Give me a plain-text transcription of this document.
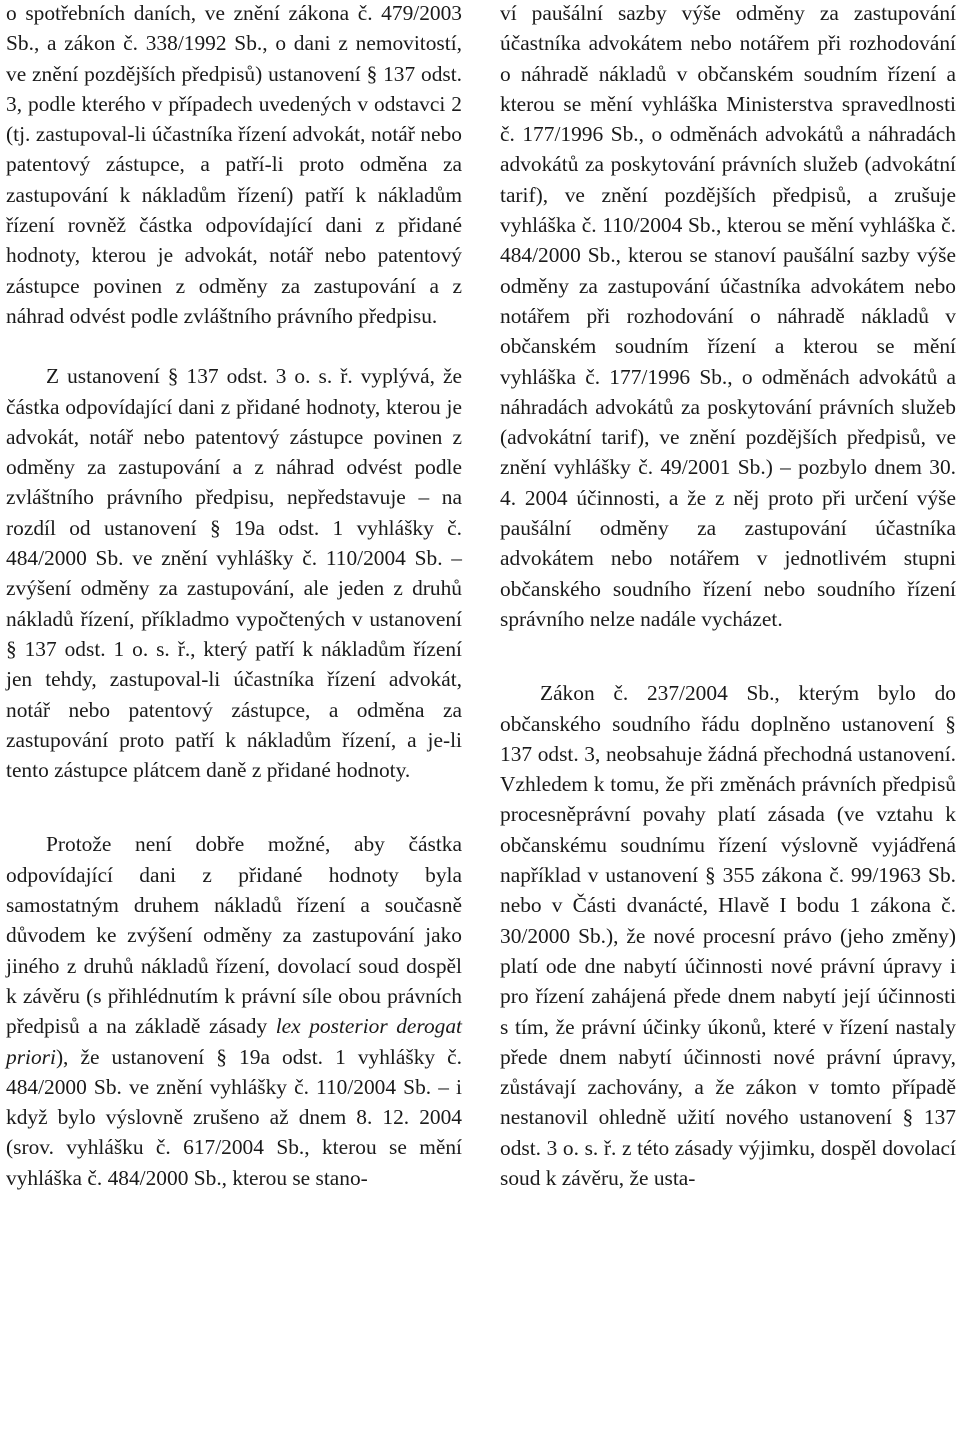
o spotřebních daních, ve znění zákona č. 479/2003 Sb., a zákon č. 338/1992 Sb., o dani z nemovitostí, ve znění pozdějších předpisů) ustanovení § 137 odst. 3, podle kterého v případech uvedených v odstavci 2 (tj. zastupoval-li účastníka řízení advokát, notář nebo patentový zástupce, a patří-li proto odměna za zastupování k nákladům řízení) patří k nákladům řízení rovněž částka odpovídající dani z přidané hodnoty, kterou je advokát, notář nebo patentový zástupce povinen z odměny za zastupování a z náhrad odvést podle zvláštního právního předpisu.

Z ustanovení § 137 odst. 3 o. s. ř. vyplývá, že částka odpovídající dani z přidané hodnoty, kterou je advokát, notář nebo patentový zástupce povinen z odměny za zastupování a z náhrad odvést podle zvláštního právního předpisu, nepředstavuje – na rozdíl od ustanovení § 19a odst. 1 vyhlášky č. 484/2000 Sb. ve znění vyhlášky č. 110/2004 Sb. – zvýšení odměny za zastupování, ale jeden z druhů nákladů řízení, příkladmo vypočtených v ustanovení § 137 odst. 1 o. s. ř., který patří k nákladům řízení jen tehdy, zastupoval-li účastníka řízení advokát, notář nebo patentový zástupce, a odměna za zastupování proto patří k nákladům řízení, a je-li tento zástupce plátcem daně z přidané hodnoty.

Protože není dobře možné, aby částka odpovídající dani z přidané hodnoty byla samostatným druhem nákladů řízení a současně důvodem ke zvýšení odměny za zastupování jako jiného z druhů nákladů řízení, dovolací soud dospěl k závěru (s přihlédnutím k právní síle obou právních předpisů a na základě zásady lex posterior derogat priori), že ustanovení § 19a odst. 1 vyhlášky č. 484/2000 Sb. ve znění vyhlášky č. 110/2004 Sb. – i když bylo výslovně zrušeno až dnem 8. 12. 2004 (srov. vyhlášku č. 617/2004 Sb., kterou se mění vyhláška č. 484/2000 Sb., kterou se stano-

ví paušální sazby výše odměny za zastupování účastníka advokátem nebo notářem při rozhodování o náhradě nákladů v občanském soudním řízení a kterou se mění vyhláška Ministerstva spravedlnosti č. 177/1996 Sb., o odměnách advokátů a náhradách advokátů za poskytování právních služeb (advokátní tarif), ve znění pozdějších předpisů, a zrušuje vyhláška č. 110/2004 Sb., kterou se mění vyhláška č. 484/2000 Sb., kterou se stanoví paušální sazby výše odměny za zastupování účastníka advokátem nebo notářem při rozhodování o náhradě nákladů v občanském soudním řízení a kterou se mění vyhláška č. 177/1996 Sb., o odměnách advokátů a náhradách advokátů za poskytování právních služeb (advokátní tarif), ve znění pozdějších předpisů, ve znění vyhlášky č. 49/2001 Sb.) – pozbylo dnem 30. 4. 2004 účinnosti, a že z něj proto při určení výše paušální odměny za zastupování účastníka advokátem nebo notářem v jednotlivém stupni občanského soudního řízení nebo soudního řízení správního nelze nadále vycházet.

Zákon č. 237/2004 Sb., kterým bylo do občanského soudního řádu doplněno ustanovení § 137 odst. 3, neobsahuje žádná přechodná ustanovení. Vzhledem k tomu, že při změnách právních předpisů procesněprávní povahy platí zásada (ve vztahu k občanskému soudnímu řízení výslovně vyjádřená například v ustanovení § 355 zákona č. 99/1963 Sb. nebo v Části dvanácté, Hlavě I bodu 1 zákona č. 30/2000 Sb.), že nové procesní právo (jeho změny) platí ode dne nabytí účinnosti nové právní úpravy i pro řízení zahájená přede dnem nabytí její účinnosti s tím, že právní účinky úkonů, které v řízení nastaly přede dnem nabytí účinnosti nové právní úpravy, zůstávají zachovány, a že zákon v tomto případě nestanovil ohledně užití nového ustanovení § 137 odst. 3 o. s. ř. z této zásady výjimku, dospěl dovolací soud k závěru, že usta-
